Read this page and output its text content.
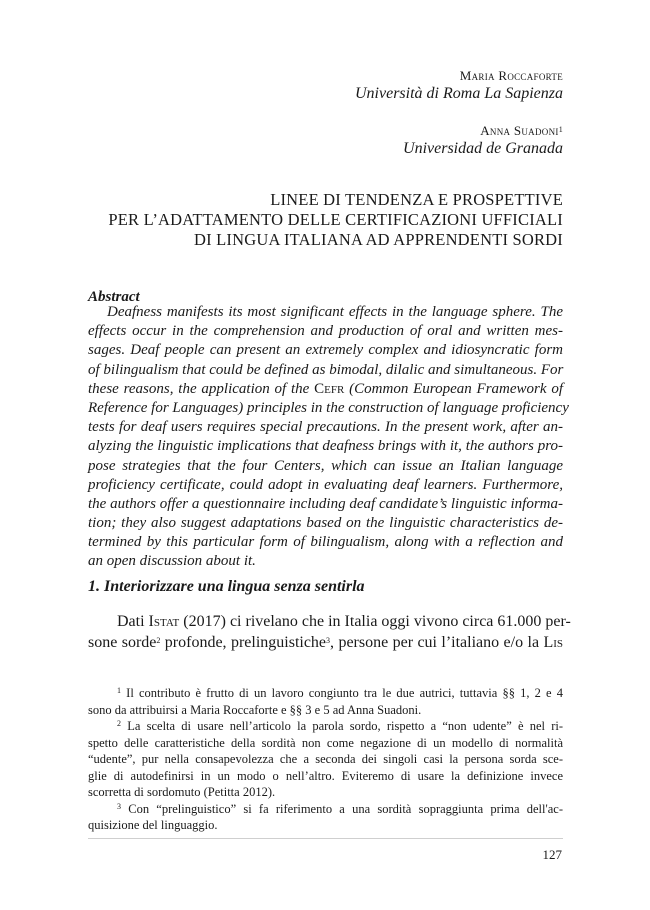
Maria Roccaforte
Università di Roma La Sapienza
Anna Suadoni$^1$
Universidad de Granada
LINEE DI TENDENZA E PROSPETTIVE
PER L’ADATTAMENTO DELLE CERTIFICAZIONI UFFICIALI
DI LINGUA ITALIANA AD APPRENDENTI SORDI
Abstract
Deafness manifests its most significant effects in the language sphere. The
effects occur in the comprehension and production of oral and written mes-
sages. Deaf people can present an extremely complex and idiosyncratic form
of bilingualism that could be defined as bimodal, dilalic and simultaneous. For
these reasons, the application of the Cefr (Common European Framework of
Reference for Languages) principles in the construction of language proficiency
tests for deaf users requires special precautions. In the present work, after an-
alyzing the linguistic implications that deafness brings with it, the authors pro-
pose strategies that the four Centers, which can issue an Italian language
proficiency certificate, could adopt in evaluating deaf learners. Furthermore,
the authors offer a questionnaire including deaf candidate’s linguistic informa-
tion; they also suggest adaptations based on the linguistic characteristics de-
termined by this particular form of bilingualism, along with a reflection and
an open discussion about it.
1. Interiorizzare una lingua senza sentirla
Dati Istat (2017) ci rivelano che in Italia oggi vivono circa 61.000 per-
sone sorde$^2$ profonde, prelinguistiche$^3$, persone per cui l’italiano e/o la Lis
$^1$ Il contributo è frutto di un lavoro congiunto tra le due autrici, tuttavia §§ 1, 2 e 4
sono da attribuirsi a Maria Roccaforte e §§ 3 e 5 ad Anna Suadoni.
$^2$ La scelta di usare nell’articolo la parola sordo, rispetto a “non udente” è nel ri-
spetto delle caratteristiche della sordità non come negazione di un modello di normalità
“udente”, pur nella consapevolezza che a seconda dei singoli casi la persona sorda sce-
glie di autodefinirsi in un modo o nell’altro. Eviteremo di usare la definizione invece
scorretta di sordomuto (Petitta 2012).
$^3$ Con “prelinguistico” si fa riferimento a una sordità sopraggiunta prima dell'ac-
quisizione del linguaggio.
127
